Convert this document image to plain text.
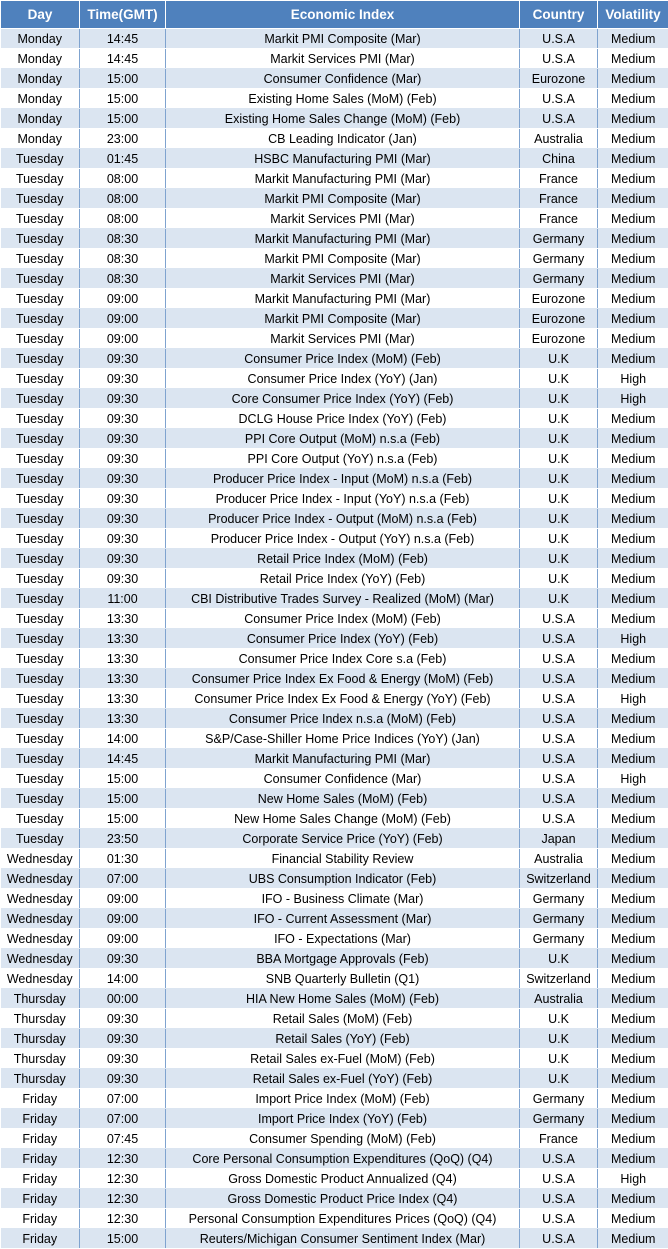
Day	Time(GMT)	Economic Index	Country	Volatility
Monday	14:45	Markit PMI Composite (Mar)	U.S.A	Medium
Monday	14:45	Markit Services PMI (Mar)	U.S.A	Medium
Monday	15:00	Consumer Confidence (Mar)	Eurozone	Medium
Monday	15:00	Existing Home Sales (MoM) (Feb)	U.S.A	Medium
Monday	15:00	Existing Home Sales Change (MoM) (Feb)	U.S.A	Medium
Monday	23:00	CB Leading Indicator (Jan)	Australia	Medium
Tuesday	01:45	HSBC Manufacturing PMI (Mar)	China	Medium
Tuesday	08:00	Markit Manufacturing PMI (Mar)	France	Medium
Tuesday	08:00	Markit PMI Composite (Mar)	France	Medium
Tuesday	08:00	Markit Services PMI (Mar)	France	Medium
Tuesday	08:30	Markit Manufacturing PMI (Mar)	Germany	Medium
Tuesday	08:30	Markit PMI Composite (Mar)	Germany	Medium
Tuesday	08:30	Markit Services PMI (Mar)	Germany	Medium
Tuesday	09:00	Markit Manufacturing PMI (Mar)	Eurozone	Medium
Tuesday	09:00	Markit PMI Composite (Mar)	Eurozone	Medium
Tuesday	09:00	Markit Services PMI (Mar)	Eurozone	Medium
Tuesday	09:30	Consumer Price Index (MoM) (Feb)	U.K	Medium
Tuesday	09:30	Consumer Price Index (YoY) (Jan)	U.K	High
Tuesday	09:30	Core Consumer Price Index (YoY) (Feb)	U.K	High
Tuesday	09:30	DCLG House Price Index (YoY) (Feb)	U.K	Medium
Tuesday	09:30	PPI Core Output (MoM) n.s.a (Feb)	U.K	Medium
Tuesday	09:30	PPI Core Output (YoY) n.s.a (Feb)	U.K	Medium
Tuesday	09:30	Producer Price Index - Input (MoM) n.s.a (Feb)	U.K	Medium
Tuesday	09:30	Producer Price Index - Input (YoY) n.s.a (Feb)	U.K	Medium
Tuesday	09:30	Producer Price Index - Output (MoM) n.s.a (Feb)	U.K	Medium
Tuesday	09:30	Producer Price Index - Output (YoY) n.s.a (Feb)	U.K	Medium
Tuesday	09:30	Retail Price Index (MoM) (Feb)	U.K	Medium
Tuesday	09:30	Retail Price Index (YoY) (Feb)	U.K	Medium
Tuesday	11:00	CBI Distributive Trades Survey - Realized (MoM) (Mar)	U.K	Medium
Tuesday	13:30	Consumer Price Index (MoM) (Feb)	U.S.A	Medium
Tuesday	13:30	Consumer Price Index (YoY) (Feb)	U.S.A	High
Tuesday	13:30	Consumer Price Index Core s.a (Feb)	U.S.A	Medium
Tuesday	13:30	Consumer Price Index Ex Food & Energy (MoM) (Feb)	U.S.A	Medium
Tuesday	13:30	Consumer Price Index Ex Food & Energy (YoY) (Feb)	U.S.A	High
Tuesday	13:30	Consumer Price Index n.s.a (MoM) (Feb)	U.S.A	Medium
Tuesday	14:00	S&P/Case-Shiller Home Price Indices (YoY) (Jan)	U.S.A	Medium
Tuesday	14:45	Markit Manufacturing PMI (Mar)	U.S.A	Medium
Tuesday	15:00	Consumer Confidence (Mar)	U.S.A	High
Tuesday	15:00	New Home Sales (MoM) (Feb)	U.S.A	Medium
Tuesday	15:00	New Home Sales Change (MoM) (Feb)	U.S.A	Medium
Tuesday	23:50	Corporate Service Price (YoY) (Feb)	Japan	Medium
Wednesday	01:30	Financial Stability Review	Australia	Medium
Wednesday	07:00	UBS Consumption Indicator (Feb)	Switzerland	Medium
Wednesday	09:00	IFO - Business Climate (Mar)	Germany	Medium
Wednesday	09:00	IFO - Current Assessment (Mar)	Germany	Medium
Wednesday	09:00	IFO - Expectations (Mar)	Germany	Medium
Wednesday	09:30	BBA Mortgage Approvals (Feb)	U.K	Medium
Wednesday	14:00	SNB Quarterly Bulletin (Q1)	Switzerland	Medium
Thursday	00:00	HIA New Home Sales (MoM) (Feb)	Australia	Medium
Thursday	09:30	Retail Sales (MoM) (Feb)	U.K	Medium
Thursday	09:30	Retail Sales (YoY) (Feb)	U.K	Medium
Thursday	09:30	Retail Sales ex-Fuel (MoM) (Feb)	U.K	Medium
Thursday	09:30	Retail Sales ex-Fuel (YoY) (Feb)	U.K	Medium
Friday	07:00	Import Price Index (MoM) (Feb)	Germany	Medium
Friday	07:00	Import Price Index (YoY) (Feb)	Germany	Medium
Friday	07:45	Consumer Spending (MoM) (Feb)	France	Medium
Friday	12:30	Core Personal Consumption Expenditures (QoQ) (Q4)	U.S.A	Medium
Friday	12:30	Gross Domestic Product Annualized (Q4)	U.S.A	High
Friday	12:30	Gross Domestic Product Price Index (Q4)	U.S.A	Medium
Friday	12:30	Personal Consumption Expenditures Prices (QoQ) (Q4)	U.S.A	Medium
Friday	15:00	Reuters/Michigan Consumer Sentiment Index (Mar)	U.S.A	Medium
